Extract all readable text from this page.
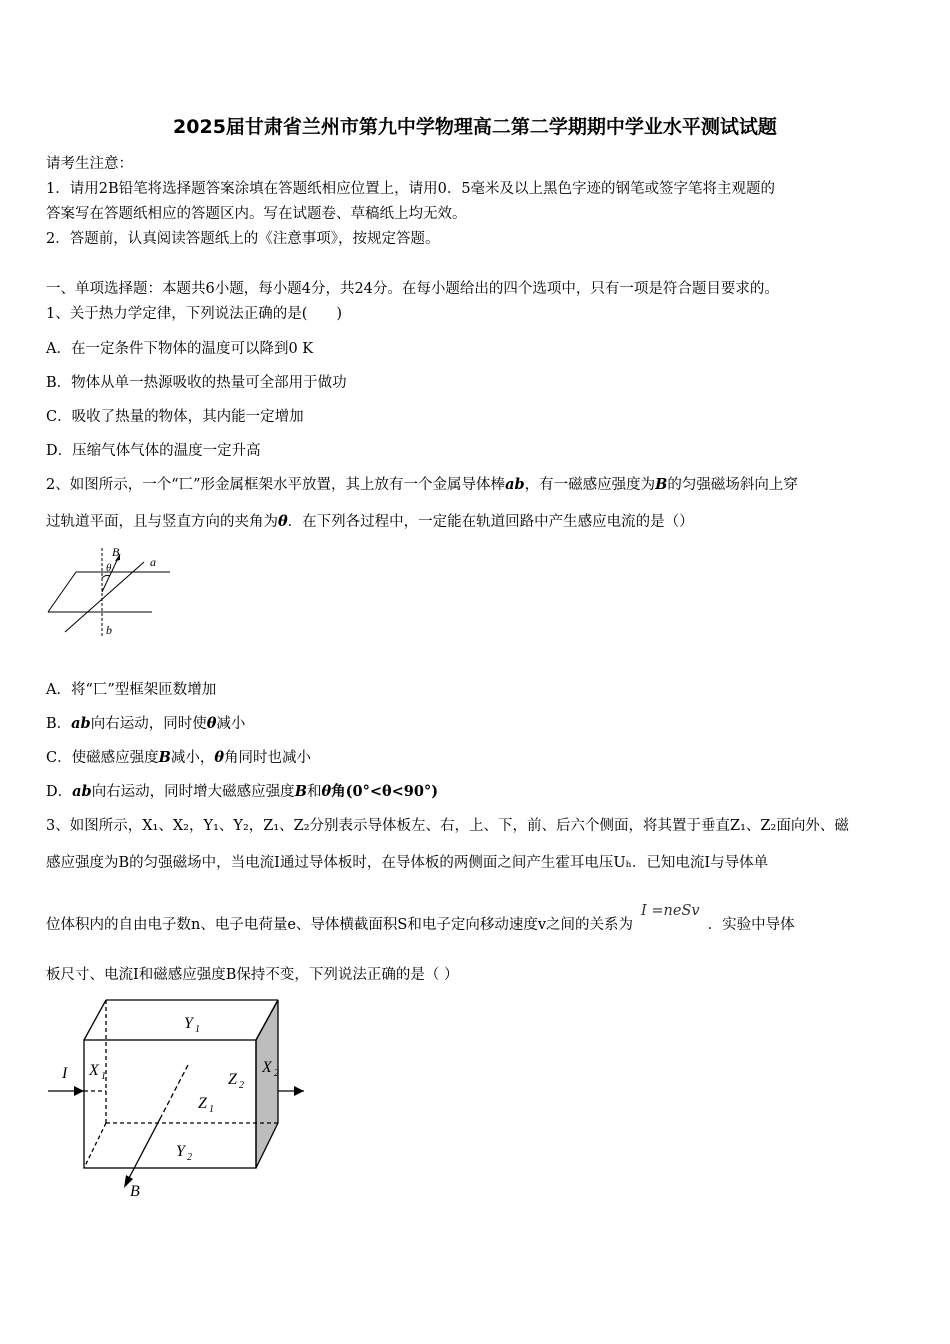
2025届甘肃省兰州市第九中学物理高二第二学期期中学业水平测试试题
请考生注意：
1．请用2B铅笔将选择题答案涂填在答题纸相应位置上，请用0．5毫米及以上黑色字迹的钢笔或签字笔将主观题的
答案写在答题纸相应的答题区内。写在试题卷、草稿纸上均无效。
2．答题前，认真阅读答题纸上的《注意事项》，按规定答题。
一、单项选择题：本题共6小题，每小题4分，共24分。在每小题给出的四个选项中，只有一项是符合题目要求的。
1、关于热力学定律，下列说法正确的是(　　)
A．在一定条件下物体的温度可以降到0 K
B．物体从单一热源吸收的热量可全部用于做功
C．吸收了热量的物体，其内能一定增加
D．压缩气体气体的温度一定升高
2、如图所示，一个“匸”形金属框架水平放置，其上放有一个金属导体棒ab，有一磁感应强度为B的匀强磁场斜向上穿
过轨道平面，且与竖直方向的夹角为θ．在下列各过程中，一定能在轨道回路中产生感应电流的是（）
B
θ	a
b
A．将“匸”型框架匝数增加
B．ab向右运动，同时使θ减小
C．使磁感应强度B减小，θ角同时也减小
D．ab向右运动，同时增大磁感应强度B和θ角(0°<θ<90°)
3、如图所示，X₁、X₂，Y₁、Y₂，Z₁、Z₂分别表示导体板左、右，上、下，前、后六个侧面，将其置于垂直Z₁、Z₂面向外、磁
感应强度为B的匀强磁场中，当电流I通过导体板时，在导体板的两侧面之间产生霍耳电压Uₕ．已知电流I与导体单
位体积内的自由电子数n、电子电荷量e、导体横截面积S和电子定向移动速度v之间的关系为I =neSv．实验中导体
板尺寸、电流I和磁感应强度B保持不变，下列说法正确的是（ ）
I X 1
X 2
Y 1
Y 2
Z 2
Z 1
B
